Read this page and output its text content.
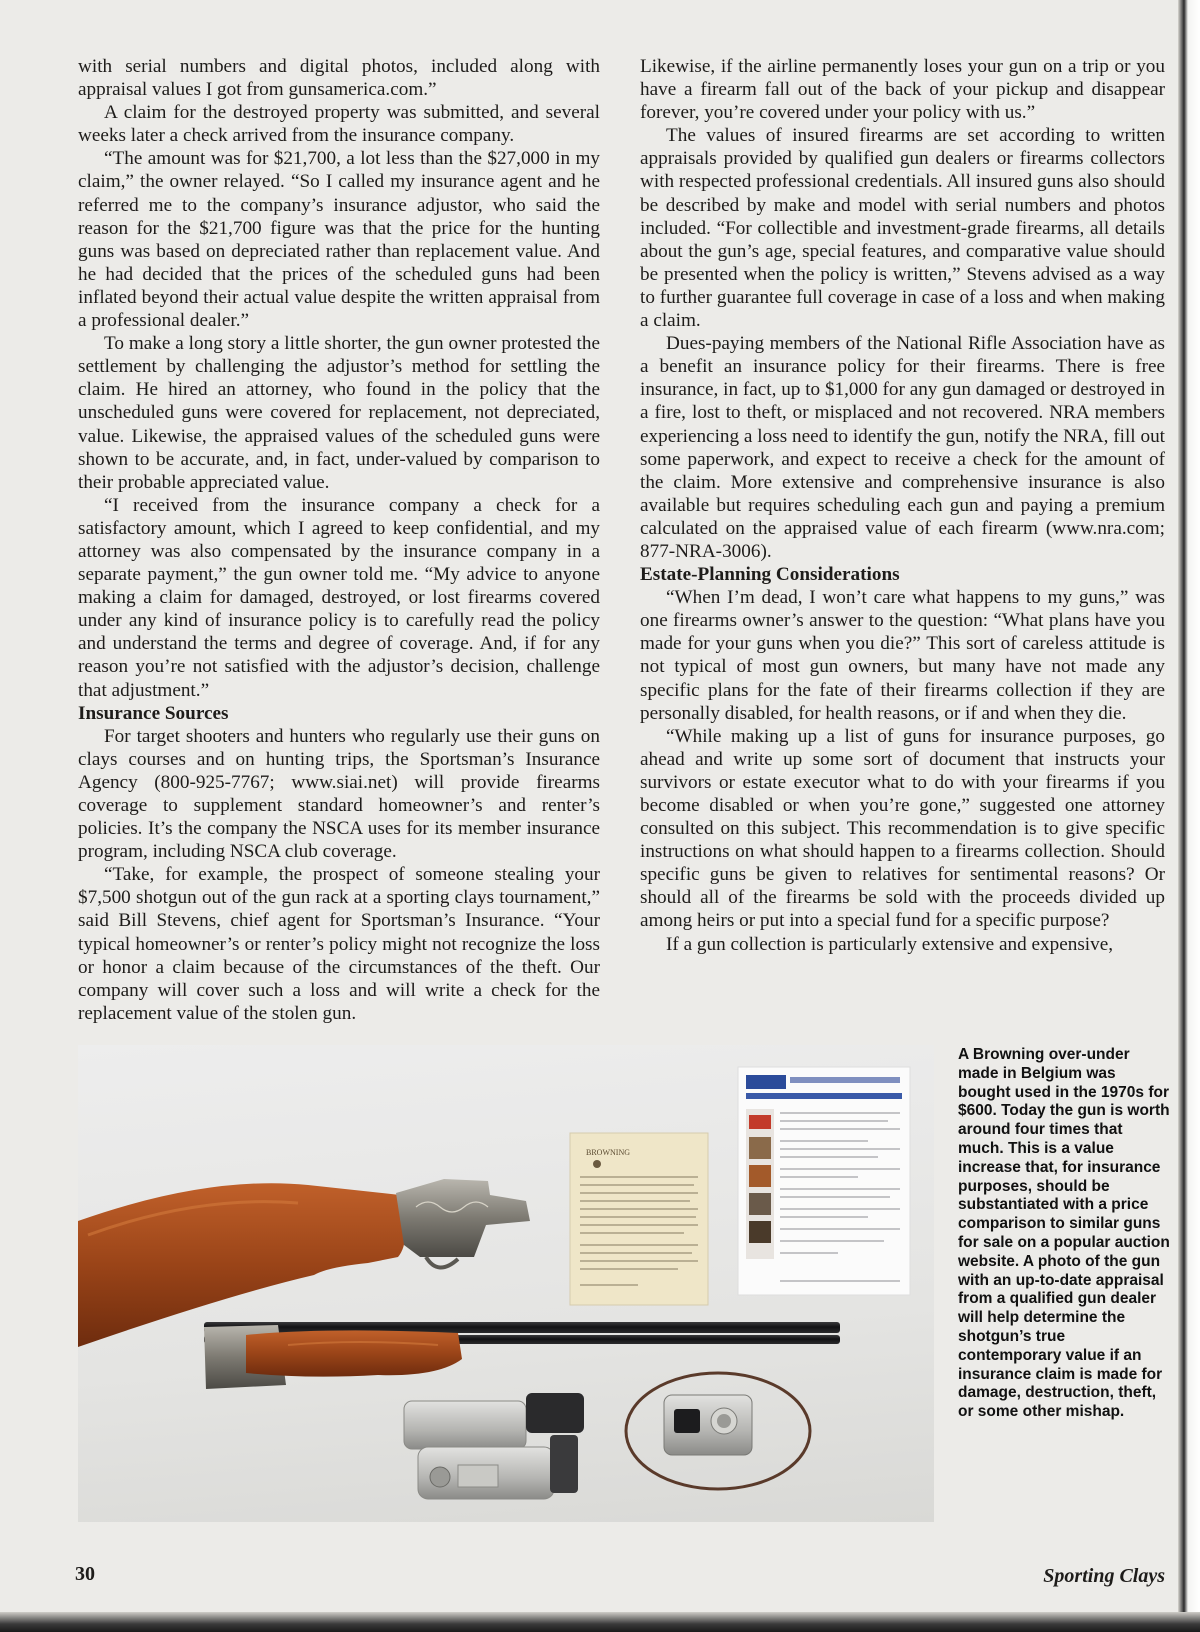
with serial numbers and digital photos, included along with appraisal values I got from gunsamerica.com.”

A claim for the destroyed property was submitted, and several weeks later a check arrived from the insurance company.

“The amount was for $21,700, a lot less than the $27,000 in my claim,” the owner relayed. “So I called my insurance agent and he referred me to the company’s insurance adjustor, who said the reason for the $21,700 figure was that the price for the hunting guns was based on depreciated rather than replacement value. And he had decided that the prices of the scheduled guns had been inflated beyond their actual value despite the written appraisal from a professional dealer.”

To make a long story a little shorter, the gun owner protested the settlement by challenging the adjustor’s method for settling the claim. He hired an attorney, who found in the policy that the unscheduled guns were covered for replacement, not depreciated, value. Likewise, the appraised values of the scheduled guns were shown to be accurate, and, in fact, under-valued by comparison to their probable appreciated value.

“I received from the insurance company a check for a satisfactory amount, which I agreed to keep confidential, and my attorney was also compensated by the insurance company in a separate payment,” the gun owner told me. “My advice to anyone making a claim for damaged, destroyed, or lost firearms covered under any kind of insurance policy is to carefully read the policy and understand the terms and degree of coverage. And, if for any reason you’re not satisfied with the adjustor’s decision, challenge that adjustment.”

Insurance Sources

For target shooters and hunters who regularly use their guns on clays courses and on hunting trips, the Sportsman’s Insurance Agency (800-925-7767; www.siai.net) will provide firearms coverage to supplement standard homeowner’s and renter’s policies. It’s the company the NSCA uses for its member insurance program, including NSCA club coverage.

“Take, for example, the prospect of someone stealing your $7,500 shotgun out of the gun rack at a sporting clays tournament,” said Bill Stevens, chief agent for Sportsman’s Insurance. “Your typical homeowner’s or renter’s policy might not recognize the loss or honor a claim because of the circumstances of the theft. Our company will cover such a loss and will write a check for the replacement value of the stolen gun.

Likewise, if the airline permanently loses your gun on a trip or you have a firearm fall out of the back of your pickup and disappear forever, you’re covered under your policy with us.”

The values of insured firearms are set according to written appraisals provided by qualified gun dealers or firearms collectors with respected professional credentials. All insured guns also should be described by make and model with serial numbers and photos included. “For collectible and investment-grade firearms, all details about the gun’s age, special features, and comparative value should be presented when the policy is written,” Stevens advised as a way to further guarantee full coverage in case of a loss and when making a claim.

Dues-paying members of the National Rifle Association have as a benefit an insurance policy for their firearms. There is free insurance, in fact, up to $1,000 for any gun damaged or destroyed in a fire, lost to theft, or misplaced and not recovered. NRA members experiencing a loss need to identify the gun, notify the NRA, fill out some paperwork, and expect to receive a check for the amount of the claim. More extensive and comprehensive insurance is also available but requires scheduling each gun and paying a premium calculated on the appraised value of each firearm (www.nra.com; 877-NRA-3006).

Estate-Planning Considerations

“When I’m dead, I won’t care what happens to my guns,” was one firearms owner’s answer to the question: “What plans have you made for your guns when you die?” This sort of careless attitude is not typical of most gun owners, but many have not made any specific plans for the fate of their firearms collection if they are personally disabled, for health reasons, or if and when they die.

“While making up a list of guns for insurance purposes, go ahead and write up some sort of document that instructs your survivors or estate executor what to do with your firearms if you become disabled or when you’re gone,” suggested one attorney consulted on this subject. This recommendation is to give specific instructions on what should happen to a firearms collection. Should specific guns be given to relatives for sentimental reasons? Or should all of the firearms be sold with the proceeds divided up among heirs or put into a special fund for a specific purpose?

If a gun collection is particularly extensive and expensive,

BROWNING
A Browning over-under made in Belgium was bought used in the 1970s for $600. Today the gun is worth around four times that much. This is a value increase that, for insurance purposes, should be substantiated with a price comparison to similar guns for sale on a popular auction website. A photo of the gun with an up-to-date appraisal from a qualified gun dealer will help determine the shotgun’s true contemporary value if an insurance claim is made for damage, destruction, theft, or some other mishap.
30	Sporting Clays
